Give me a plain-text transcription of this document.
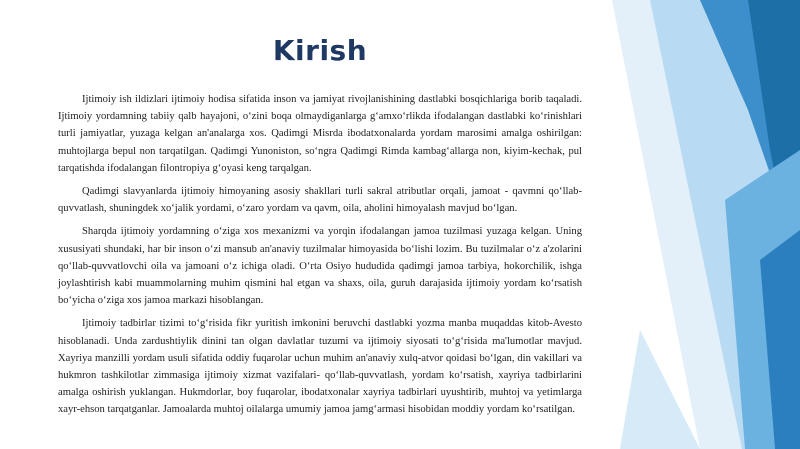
Kirish

Ijtimoiy ish ildizlari ijtimoiy hodisa sifatida inson va jamiyat rivojlanishining dastlabki bosqichlariga borib taqaladi. Ijtimoiy yordamning tabiiy qalb hayajoni, o‘zini boqa olmaydiganlarga g‘amxo‘rlikda ifodalangan dastlabki ko‘rinishlari turli jamiyatlar, yuzaga kelgan an'analarga xos. Qadimgi Misrda ibodatxonalarda yordam marosimi amalga oshirilgan: muhtojlarga bepul non tarqatilgan. Qadimgi Yunoniston, so‘ngra Qadimgi Rimda kambag‘allarga non, kiyim-kechak, pul tarqatishda ifodalangan filontropiya g‘oyasi keng tarqalgan.

Qadimgi slavyanlarda ijtimoiy himoyaning asosiy shakllari turli sakral atributlar orqali, jamoat - qavmni qo‘llab-quvvatlash, shuningdek xo‘jalik yordami, o‘zaro yordam va qavm, oila, aholini himoyalash mavjud bo‘lgan.

Sharqda ijtimoiy yordamning o‘ziga xos mexanizmi va yorqin ifodalangan jamoa tuzilmasi yuzaga kelgan. Uning xususiyati shundaki, har bir inson o‘zi mansub an'anaviy tuzilmalar himoyasida bo‘lishi lozim. Bu tuzilmalar o‘z a'zolarini qo‘llab-quvvatlovchi oila va jamoani o‘z ichiga oladi. O‘rta Osiyo hududida qadimgi jamoa tarbiya, hokorchilik, ishga joylashtirish kabi muammolarning muhim qismini hal etgan va shaxs, oila, guruh darajasida ijtimoiy yordam ko‘rsatish bo‘yicha o‘ziga xos jamoa markazi hisoblangan.

Ijtimoiy tadbirlar tizimi to‘g‘risida fikr yuritish imkonini beruvchi dastlabki yozma manba muqaddas kitob-Avesto hisoblanadi. Unda zardushtiylik dinini tan olgan davlatlar tuzumi va ijtimoiy siyosati to‘g‘risida ma'lumotlar mavjud. Xayriya manzilli yordam usuli sifatida oddiy fuqarolar uchun muhim an'anaviy xulq-atvor qoidasi bo‘lgan, din vakillari va hukmron tashkilotlar zimmasiga ijtimoiy xizmat vazifalari- qo‘llab-quvvatlash, yordam ko‘rsatish, xayriya tadbirlarini amalga oshirish yuklangan. Hukmdorlar, boy fuqarolar, ibodatxonalar xayriya tadbirlari uyushtirib, muhtoj va yetimlarga xayr-ehson tarqatganlar. Jamoalarda muhtoj oilalarga umumiy jamoa jamg‘armasi hisobidan moddiy yordam ko‘rsatilgan.
